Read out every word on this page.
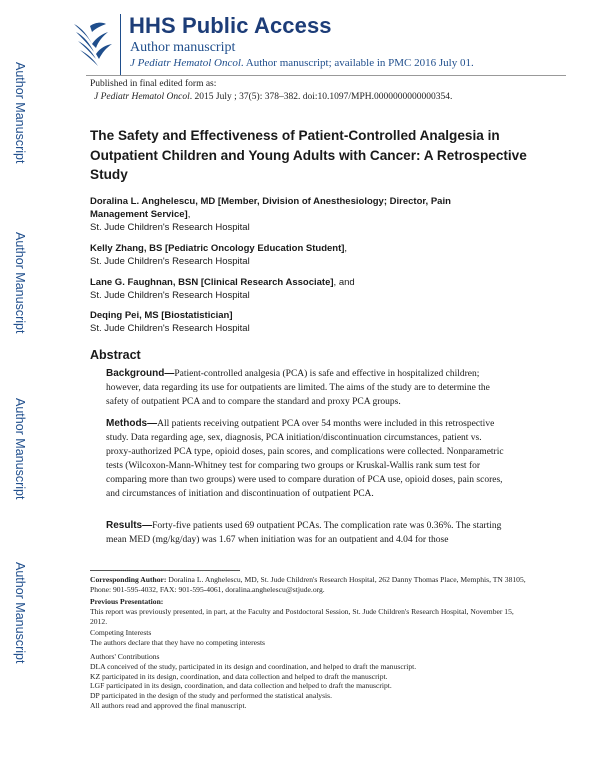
HHS Public Access
Author manuscript
J Pediatr Hematol Oncol. Author manuscript; available in PMC 2016 July 01.
Author Manuscript
Author Manuscript
Author Manuscript
Author Manuscript
Published in final edited form as:
J Pediatr Hematol Oncol. 2015 July ; 37(5): 378–382. doi:10.1097/MPH.0000000000000354.
The Safety and Effectiveness of Patient-Controlled Analgesia in Outpatient Children and Young Adults with Cancer: A Retrospective Study
Doralina L. Anghelescu, MD [Member, Division of Anesthesiology; Director, Pain Management Service],
St. Jude Children's Research Hospital
Kelly Zhang, BS [Pediatric Oncology Education Student],
St. Jude Children's Research Hospital
Lane G. Faughnan, BSN [Clinical Research Associate], and
St. Jude Children's Research Hospital
Deqing Pei, MS [Biostatistician]
St. Jude Children's Research Hospital
Abstract
Background—Patient-controlled analgesia (PCA) is safe and effective in hospitalized children; however, data regarding its use for outpatients are limited. The aims of the study are to determine the safety of outpatient PCA and to compare the standard and proxy PCA groups.
Methods—All patients receiving outpatient PCA over 54 months were included in this retrospective study. Data regarding age, sex, diagnosis, PCA initiation/discontinuation circumstances, patient vs. proxy-authorized PCA type, opioid doses, pain scores, and complications were collected. Nonparametric tests (Wilcoxon-Mann-Whitney test for comparing two groups or Kruskal-Wallis rank sum test for comparing more than two groups) were used to compare duration of PCA use, opioid doses, pain scores, and circumstances of initiation and discontinuation of outpatient PCA.
Results—Forty-five patients used 69 outpatient PCAs. The complication rate was 0.36%. The starting mean MED (mg/kg/day) was 1.67 when initiation was for an outpatient and 4.04 for those
Corresponding Author: Doralina L. Anghelescu, MD, St. Jude Children's Research Hospital, 262 Danny Thomas Place, Memphis, TN 38105, Phone: 901-595-4032, FAX: 901-595-4061, doralina.anghelescu@stjude.org.
Previous Presentation:
This report was previously presented, in part, at the Faculty and Postdoctoral Session, St. Jude Children's Research Hospital, November 15, 2012.
Competing Interests
The authors declare that they have no competing interests
Authors' Contributions
DLA conceived of the study, participated in its design and coordination, and helped to draft the manuscript.
KZ participated in its design, coordination, and data collection and helped to draft the manuscript.
LGF participated in its design, coordination, and data collection and helped to draft the manuscript.
DP participated in the design of the study and performed the statistical analysis.
All authors read and approved the final manuscript.
